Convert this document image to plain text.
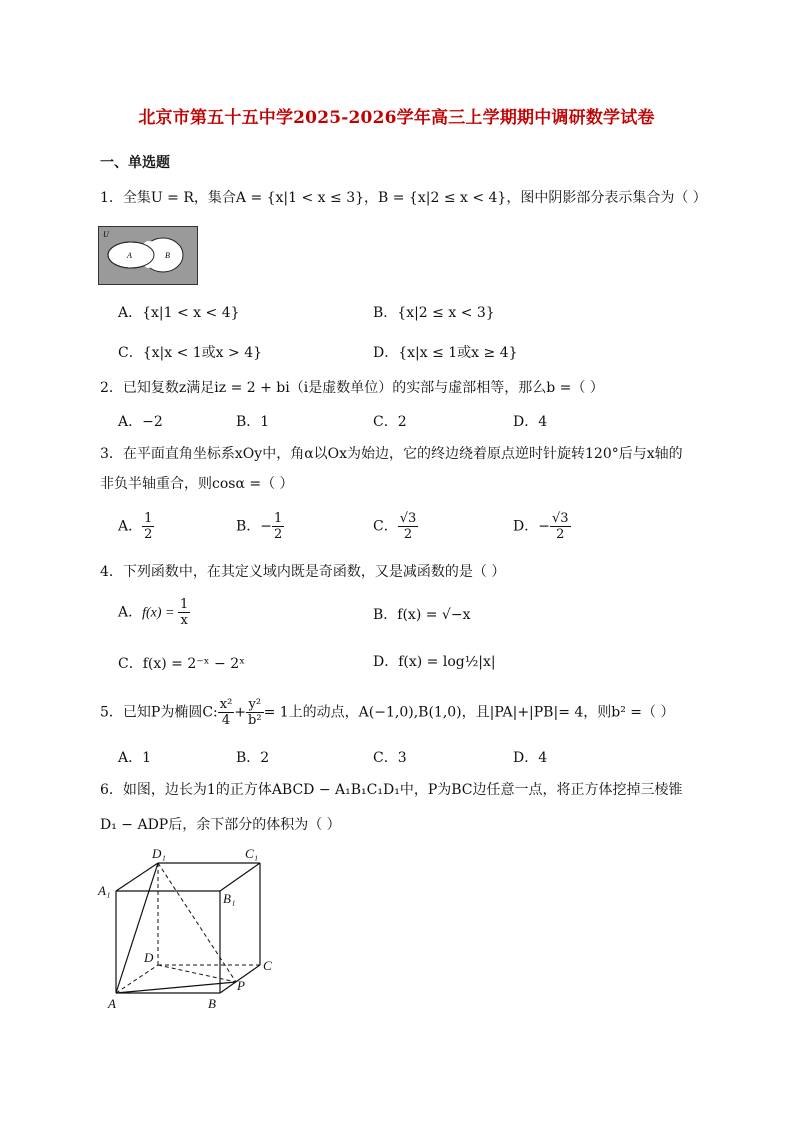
北京市第五十五中学2025-2026学年高三上学期期中调研数学试卷
一、单选题
1．全集U = R，集合A = {x|1 < x ≤ 3}，B = {x|2 ≤ x < 4}，图中阴影部分表示集合为（ ）
U
A	B
A．{x|1 < x < 4}	B．{x|2 ≤ x < 3}
C．{x|x < 1或x > 4}	D．{x|x ≤ 1或x ≥ 4}
2．已知复数z满足iz = 2 + bi（i是虚数单位）的实部与虚部相等，那么b =（ ）
A．−2	B．1	C．2	D．4
3．在平面直角坐标系xOy中，角α以Ox为始边，它的终边绕着原点逆时针旋转120°后与x轴的
非负半轴重合，则cosα =（ ）
A． $\frac{1}{2}$	B．− $\frac{1}{2}$	C． $\frac{√3}{2}$	D．− $\frac{√3}{2}$
4．下列函数中，在其定义域内既是奇函数，又是减函数的是（ ）
A．$f(x) = \frac{1}{x}$	B．f(x) = √−x
C．f(x) = 2⁻ˣ − 2ˣ	D．f(x) = log½|x|
5．已知P为椭圆C: $\frac{\text{x²}}{4} + \frac{\text{y²}}{\text{b²}} = 1$上的动点，A(−1,0),B(1,0)，且|PA|+|PB|= 4，则b² =（ ）
A．1	B．2	C．3	D．4
6．如图，边长为1的正方体ABCD − A₁B₁C₁D₁中，P为BC边任意一点，将正方体挖掉三棱锥
D₁ − ADP后，余下部分的体积为（ ）
D₁	C₁
A₁
B₁
D
C
P
A	B
